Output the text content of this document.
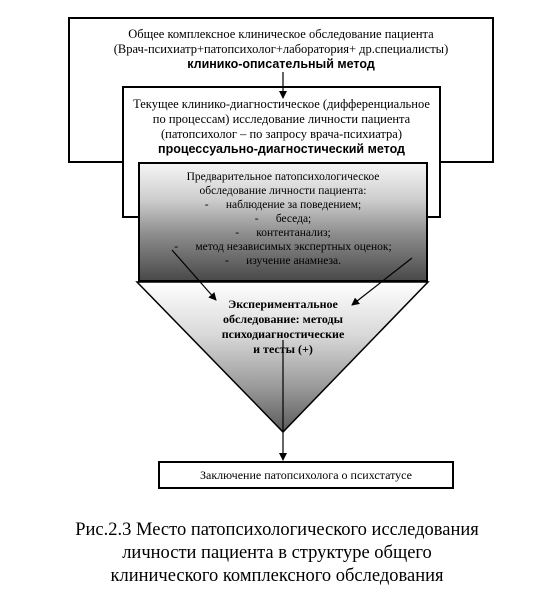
Общее комплексное клиническое обследование пациента
(Врач-психиатр+патопсихолог+лаборатория+ др.специалисты)
клинико-описательный метод
Текущее клинико-диагностическое (дифференциальное
по процессам) исследование личности пациента
(патопсихолог – по запросу врача-психиатра)
процессуально-диагностический метод
Предварительное патопсихологическое
обследование личности пациента:
-      наблюдение за поведением;
-      беседа;
-      контентанализ;
-      метод независимых экспертных оценок;
-      изучение анамнеза.
Экспериментальное
обследование: методы
психодиагностические
и тесты (+)
Заключение патопсихолога о психстатусе
Рис.2.3 Место патопсихологического исследования
личности пациента в структуре общего
клинического комплексного обследования
